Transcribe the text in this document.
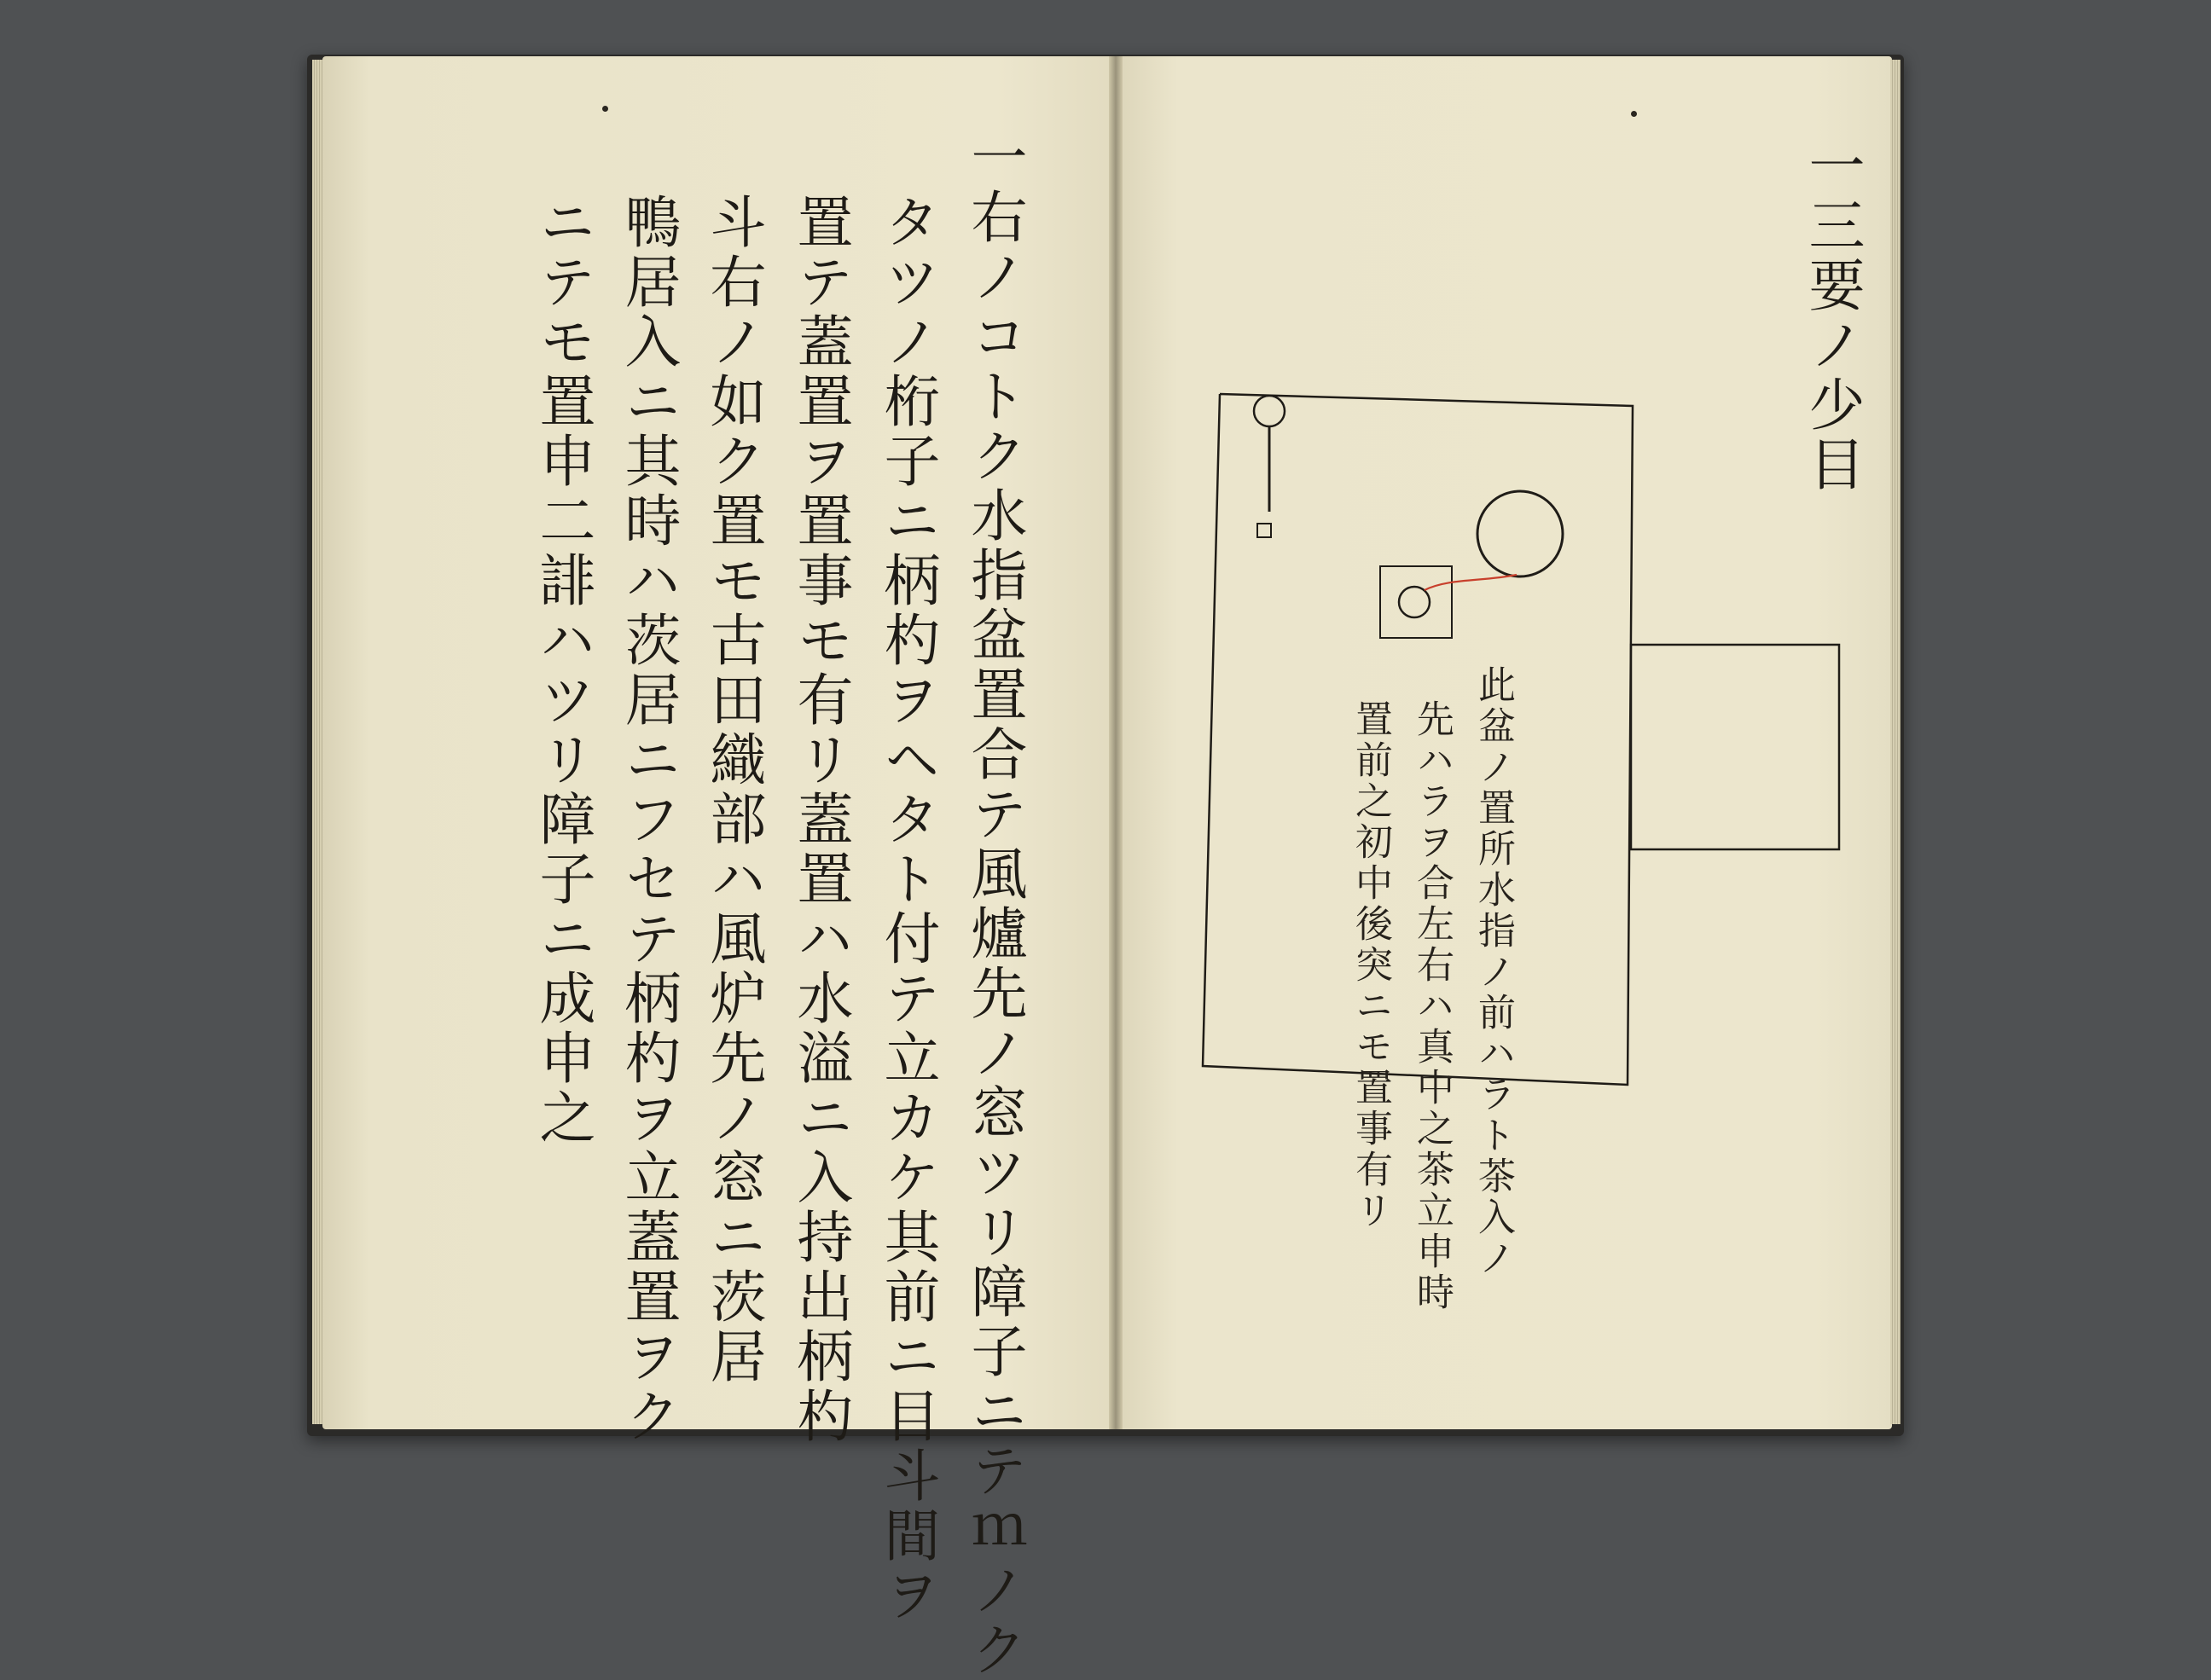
一右ノコトク水指盆置合テ風爐先ノ窓ツリ障子ニテｍノク
タツノ桁子ニ柄杓ヲヘタト付テ立カケ其前ニ目斗間ヲ
置テ蓋置ヲ置事モ有リ蓋置ハ水溢ニ入持出柄杓
斗右ノ如ク置モ古田織部ハ風炉先ノ窓ニ茨居
鴨居入ニ其時ハ茨居ニフセテ柄杓ヲ立蓋置ヲク
ニテモ置申二誹ハツリ障子ニ成申之	一三要ノ少目
此盆ノ置所水指ノ前ハラト茶入ノ
先ハラヲ合左右ハ真中之茶立申時
置前之初中後突ニモ置事有リ
